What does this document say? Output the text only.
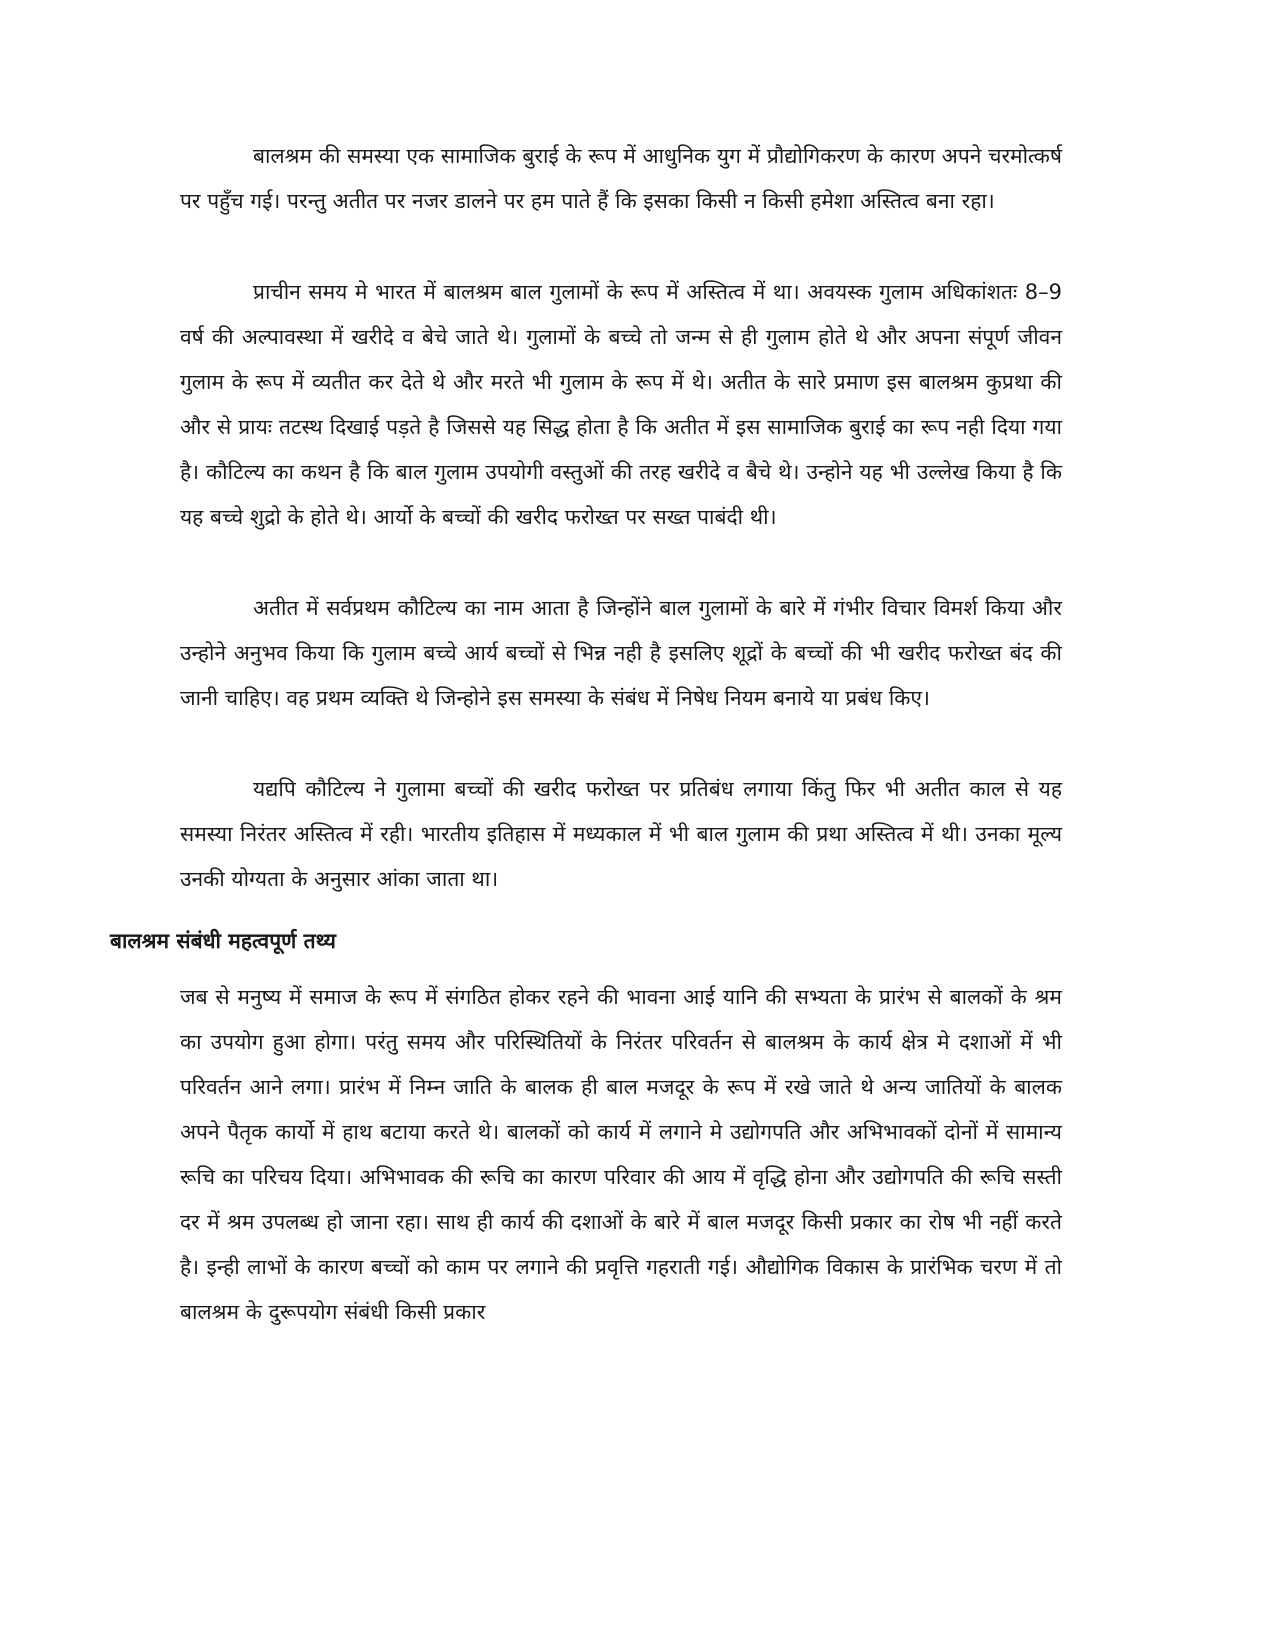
बालश्रम की समस्या एक सामाजिक बुराई के रूप में आधुनिक युग में प्रौद्योगिकरण के कारण अपने चरमोत्कर्ष पर पहुँच गई। परन्तु अतीत पर नजर डालने पर हम पाते हैं कि इसका किसी न किसी हमेशा अस्तित्व बना रहा।

प्राचीन समय मे भारत में बालश्रम बाल गुलामों के रूप में अस्तित्व में था। अवयस्क गुलाम अधिकांशतः 8–9 वर्ष की अल्पावस्था में खरीदे व बेचे जाते थे। गुलामों के बच्चे तो जन्म से ही गुलाम होते थे और अपना संपूर्ण जीवन गुलाम के रूप में व्यतीत कर देते थे और मरते भी गुलाम के रूप में थे। अतीत के सारे प्रमाण इस बालश्रम कुप्रथा की और से प्रायः तटस्थ दिखाई पड़ते है जिससे यह सिद्ध होता है कि अतीत में इस सामाजिक बुराई का रूप नही दिया गया है। कौटिल्य का कथन है कि बाल गुलाम उपयोगी वस्तुओं की तरह खरीदे व बैचे थे। उन्होने यह भी उल्लेख किया है कि यह बच्चे शुद्रो के होते थे। आर्यो के बच्चों की खरीद फरोख्त पर सख्त पाबंदी थी।

अतीत में सर्वप्रथम कौटिल्य का नाम आता है जिन्होंने बाल गुलामों के बारे में गंभीर विचार विमर्श किया और उन्होने अनुभव किया कि गुलाम बच्चे आर्य बच्चों से भिन्न नही है इसलिए शूद्रों के बच्चों की भी खरीद फरोख्त बंद की जानी चाहिए। वह प्रथम व्यक्ति थे जिन्होने इस समस्या के संबंध में निषेध नियम बनाये या प्रबंध किए।

यद्यपि कौटिल्य ने गुलामा बच्चों की खरीद फरोख्त पर प्रतिबंध लगाया किंतु फिर भी अतीत काल से यह समस्या निरंतर अस्तित्व में रही। भारतीय इतिहास में मध्यकाल में भी बाल गुलाम की प्रथा अस्तित्व में थी। उनका मूल्य उनकी योग्यता के अनुसार आंका जाता था।

बालश्रम संबंधी महत्वपूर्ण तथ्य

जब से मनुष्य में समाज के रूप में संगठित होकर रहने की भावना आई यानि की सभ्यता के प्रारंभ से बालकों के श्रम का उपयोग हुआ होगा। परंतु समय और परिस्थितियों के निरंतर परिवर्तन से बालश्रम के कार्य क्षेत्र मे दशाओं में भी परिवर्तन आने लगा। प्रारंभ में निम्न जाति के बालक ही बाल मजदूर के रूप में रखे जाते थे अन्य जातियों के बालक अपने पैतृक कार्यो में हाथ बटाया करते थे। बालकों को कार्य में लगाने मे उद्योगपति और अभिभावकों दोनों में सामान्य रूचि का परिचय दिया। अभिभावक की रूचि का कारण परिवार की आय में वृद्धि होना और उद्योगपति की रूचि सस्ती दर में श्रम उपलब्ध हो जाना रहा। साथ ही कार्य की दशाओं के बारे में बाल मजदूर किसी प्रकार का रोष भी नहीं करते है। इन्ही लाभों के कारण बच्चों को काम पर लगाने की प्रवृत्ति गहराती गई। औद्योगिक विकास के प्रारंभिक चरण में तो बालश्रम के दुरूपयोग संबंधी किसी प्रकार
